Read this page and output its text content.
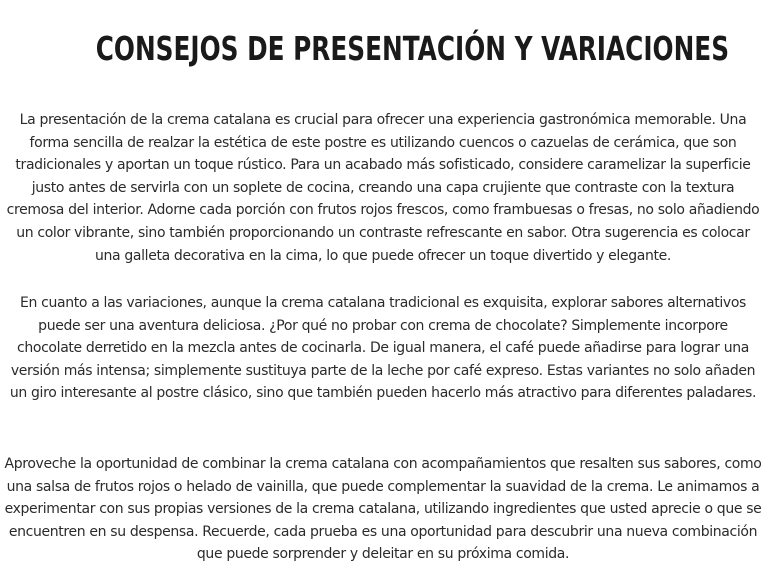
CONSEJOS DE PRESENTACIÓN Y VARIACIONES

La presentación de la crema catalana es crucial para ofrecer una experiencia gastronómica memorable. Una forma sencilla de realzar la estética de este postre es utilizando cuencos o cazuelas de cerámica, que son tradicionales y aportan un toque rústico. Para un acabado más sofisticado, considere caramelizar la superficie justo antes de servirla con un soplete de cocina, creando una capa crujiente que contraste con la textura cremosa del interior. Adorne cada porción con frutos rojos frescos, como frambuesas o fresas, no solo añadiendo un color vibrante, sino también proporcionando un contraste refrescante en sabor. Otra sugerencia es colocar una galleta decorativa en la cima, lo que puede ofrecer un toque divertido y elegante.

En cuanto a las variaciones, aunque la crema catalana tradicional es exquisita, explorar sabores alternativos puede ser una aventura deliciosa. ¿Por qué no probar con crema de chocolate? Simplemente incorpore chocolate derretido en la mezcla antes de cocinarla. De igual manera, el café puede añadirse para lograr una versión más intensa; simplemente sustituya parte de la leche por café expreso. Estas variantes no solo añaden un giro interesante al postre clásico, sino que también pueden hacerlo más atractivo para diferentes paladares.

Aproveche la oportunidad de combinar la crema catalana con acompañamientos que resalten sus sabores, como una salsa de frutos rojos o helado de vainilla, que puede complementar la suavidad de la crema. Le animamos a experimentar con sus propias versiones de la crema catalana, utilizando ingredientes que usted aprecie o que se encuentren en su despensa. Recuerde, cada prueba es una oportunidad para descubrir una nueva combinación que puede sorprender y deleitar en su próxima comida.
